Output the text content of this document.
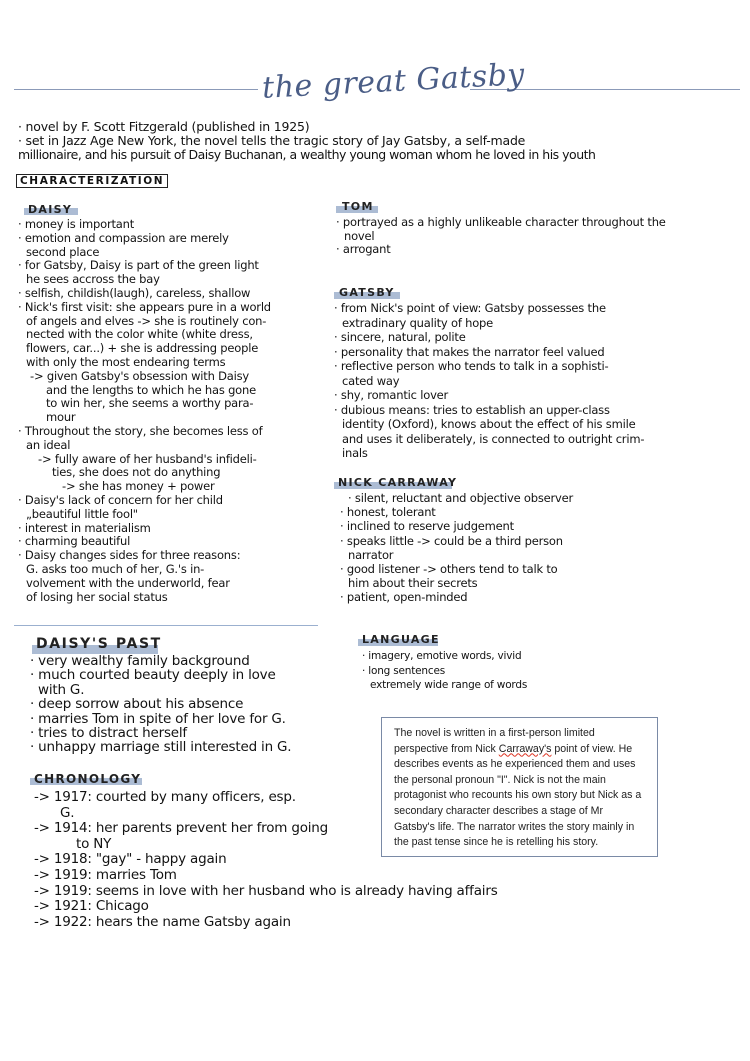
the great Gatsby
· novel by F. Scott Fitzgerald (published in 1925)
· set in Jazz Age New York, the novel tells the tragic story of Jay Gatsby, a self-made
millionaire, and his pursuit of Daisy Buchanan, a wealthy young woman whom he loved in his youth
CHARACTERIZATION
DAISY
· money is important
· emotion and compassion are merely
second place
· for Gatsby, Daisy is part of the green light
he sees accross the bay
· selfish, childish(laugh), careless, shallow
· Nick's first visit: she appears pure in a world
of angels and elves -> she is routinely con-
nected with the color white (white dress,
flowers, car...) + she is addressing people
with only the most endearing terms
-> given Gatsby's obsession with Daisy
and the lengths to which he has gone
to win her, she seems a worthy para-
mour
· Throughout the story, she becomes less of
an ideal
-> fully aware of her husband's infideli-
ties, she does not do anything
-> she has money + power
· Daisy's lack of concern for her child
„beautiful little fool"
· interest in materialism
· charming beautiful
· Daisy changes sides for three reasons:
G. asks too much of her, G.'s in-
volvement with the underworld, fear
of losing her social status
TOM
· portrayed as a highly unlikeable character throughout the
novel
· arrogant
GATSBY
· from Nick's point of view: Gatsby possesses the
extradinary quality of hope
· sincere, natural, polite
· personality that makes the narrator feel valued
· reflective person who tends to talk in a sophisti-
cated way
· shy, romantic lover
· dubious means: tries to establish an upper-class
identity (Oxford), knows about the effect of his smile
and uses it deliberately, is connected to outright crim-
inals
NICK CARRAWAY
· silent, reluctant and objective observer
· honest, tolerant
· inclined to reserve judgement
· speaks little -> could be a third person
narrator
· good listener -> others tend to talk to
him about their secrets
· patient, open-minded
DAISY'S PAST
· very wealthy family background
· much courted beauty deeply in love
with G.
· deep sorrow about his absence
· marries Tom in spite of her love for G.
· tries to distract herself
· unhappy marriage still interested in G.
LANGUAGE
· imagery, emotive words, vivid
· long sentences
extremely wide range of words
CHRONOLOGY
-> 1917: courted by many officers, esp.
G.
-> 1914: her parents prevent her from going
to NY
-> 1918: "gay" - happy again
-> 1919: marries Tom
-> 1919: seems in love with her husband who is already having affairs
-> 1921: Chicago
-> 1922: hears the name Gatsby again
The novel is written in a first-person limited perspective from Nick Carraway's point of view. He describes events as he experienced them and uses the personal pronoun "I". Nick is not the main protagonist who recounts his own story but Nick as a secondary character describes a stage of Mr Gatsby's life. The narrator writes the story mainly in the past tense since he is retelling his story.
